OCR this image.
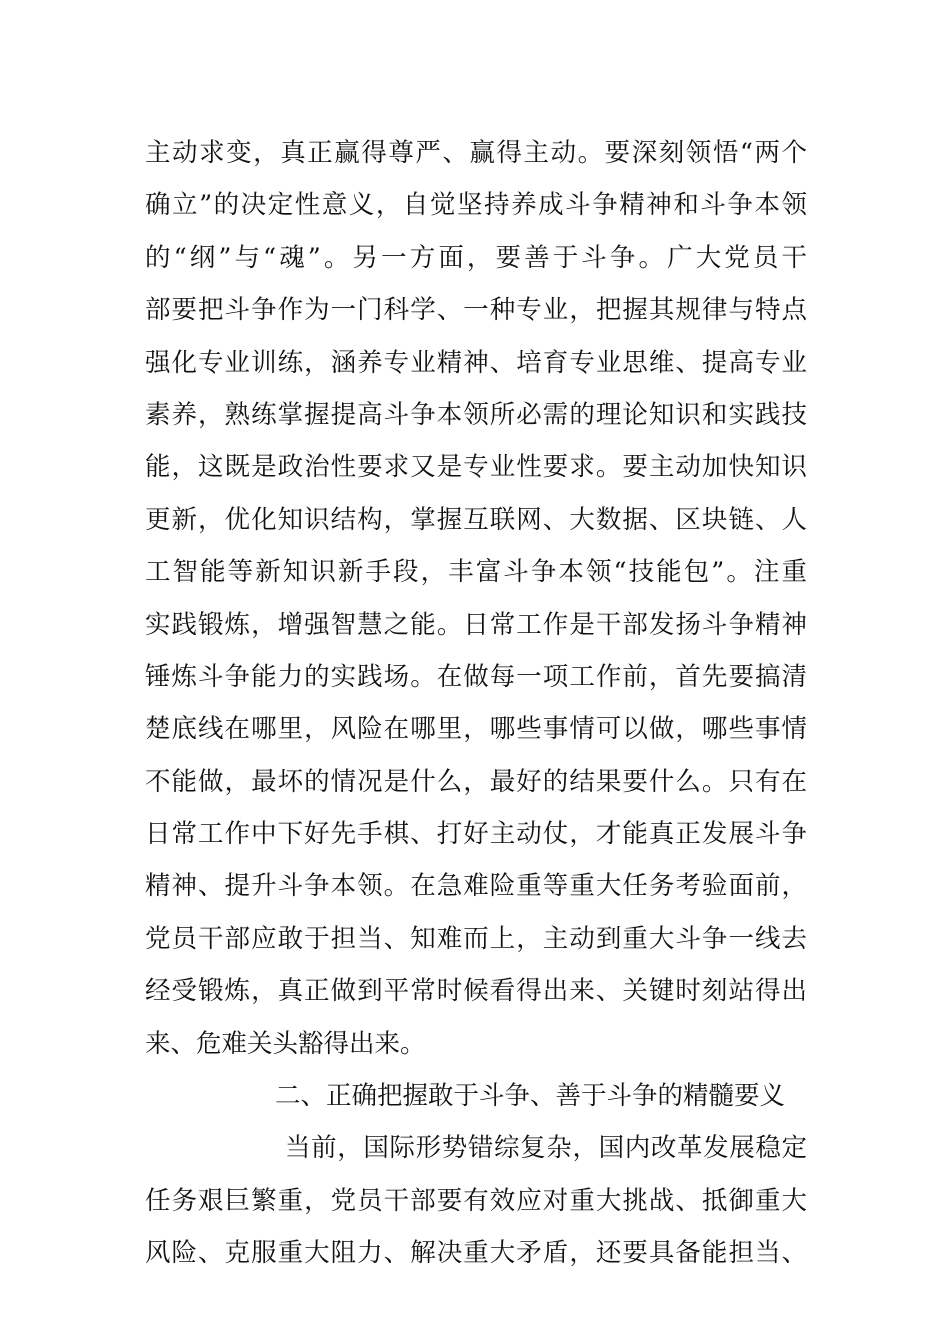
主动求变，真正赢得尊严、赢得主动。要深刻领悟“两个
确立”的决定性意义，自觉坚持养成斗争精神和斗争本领
的“纲”与“魂”。另一方面，要善于斗争。广大党员干
部要把斗争作为一门科学、一种专业，把握其规律与特点
强化专业训练，涵养专业精神、培育专业思维、提高专业
素养，熟练掌握提高斗争本领所必需的理论知识和实践技
能，这既是政治性要求又是专业性要求。要主动加快知识
更新，优化知识结构，掌握互联网、大数据、区块链、人
工智能等新知识新手段，丰富斗争本领“技能包”。注重
实践锻炼，增强智慧之能。日常工作是干部发扬斗争精神
锤炼斗争能力的实践场。在做每一项工作前，首先要搞清
楚底线在哪里，风险在哪里，哪些事情可以做，哪些事情
不能做，最坏的情况是什么，最好的结果要什么。只有在
日常工作中下好先手棋、打好主动仗，才能真正发展斗争
精神、提升斗争本领。在急难险重等重大任务考验面前，
党员干部应敢于担当、知难而上，主动到重大斗争一线去
经受锻炼，真正做到平常时候看得出来、关键时刻站得出
来、危难关头豁得出来。
二、正确把握敢于斗争、善于斗争的精髓要义
当前，国际形势错综复杂，国内改革发展稳定
任务艰巨繁重，党员干部要有效应对重大挑战、抵御重大
风险、克服重大阻力、解决重大矛盾，还要具备能担当、
